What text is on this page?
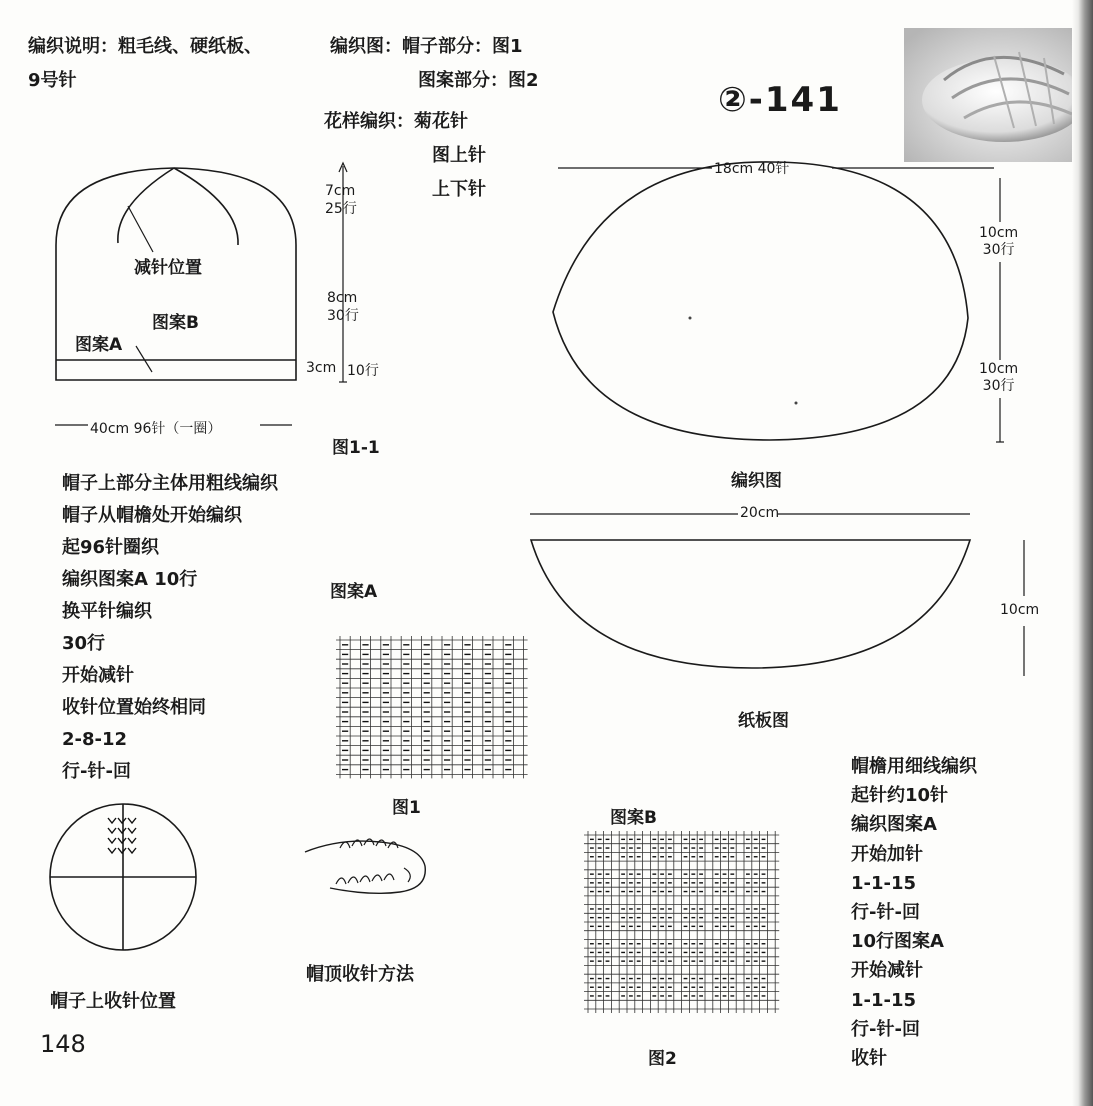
编织说明：粗毛线、硬纸板、
9号针
编织图：帽子部分：图1
图案部分：图2
花样编织：菊花针
图上针
上下针
②-141
减针位置
图案B
图案A
7cm
25行
8cm
30行
3cm 10行
40cm 96针（一圈）
图1-1
18cm 40针
10cm
30行
10cm
30行
编织图
20cm
10cm
纸板图
帽子上部分主体用粗线编织
帽子从帽檐处开始编织
起96针圈织
编织图案A 10行
换平针编织
30行
开始减针
收针位置始终相同
2-8-12
行-针-回
图案A
图1	图案B
图2
帽子上收针位置
帽顶收针方法
帽檐用细线编织
起针约10针
编织图案A
开始加针
1-1-15
行-针-回
10行图案A
开始减针
1-1-15
行-针-回
收针
148
